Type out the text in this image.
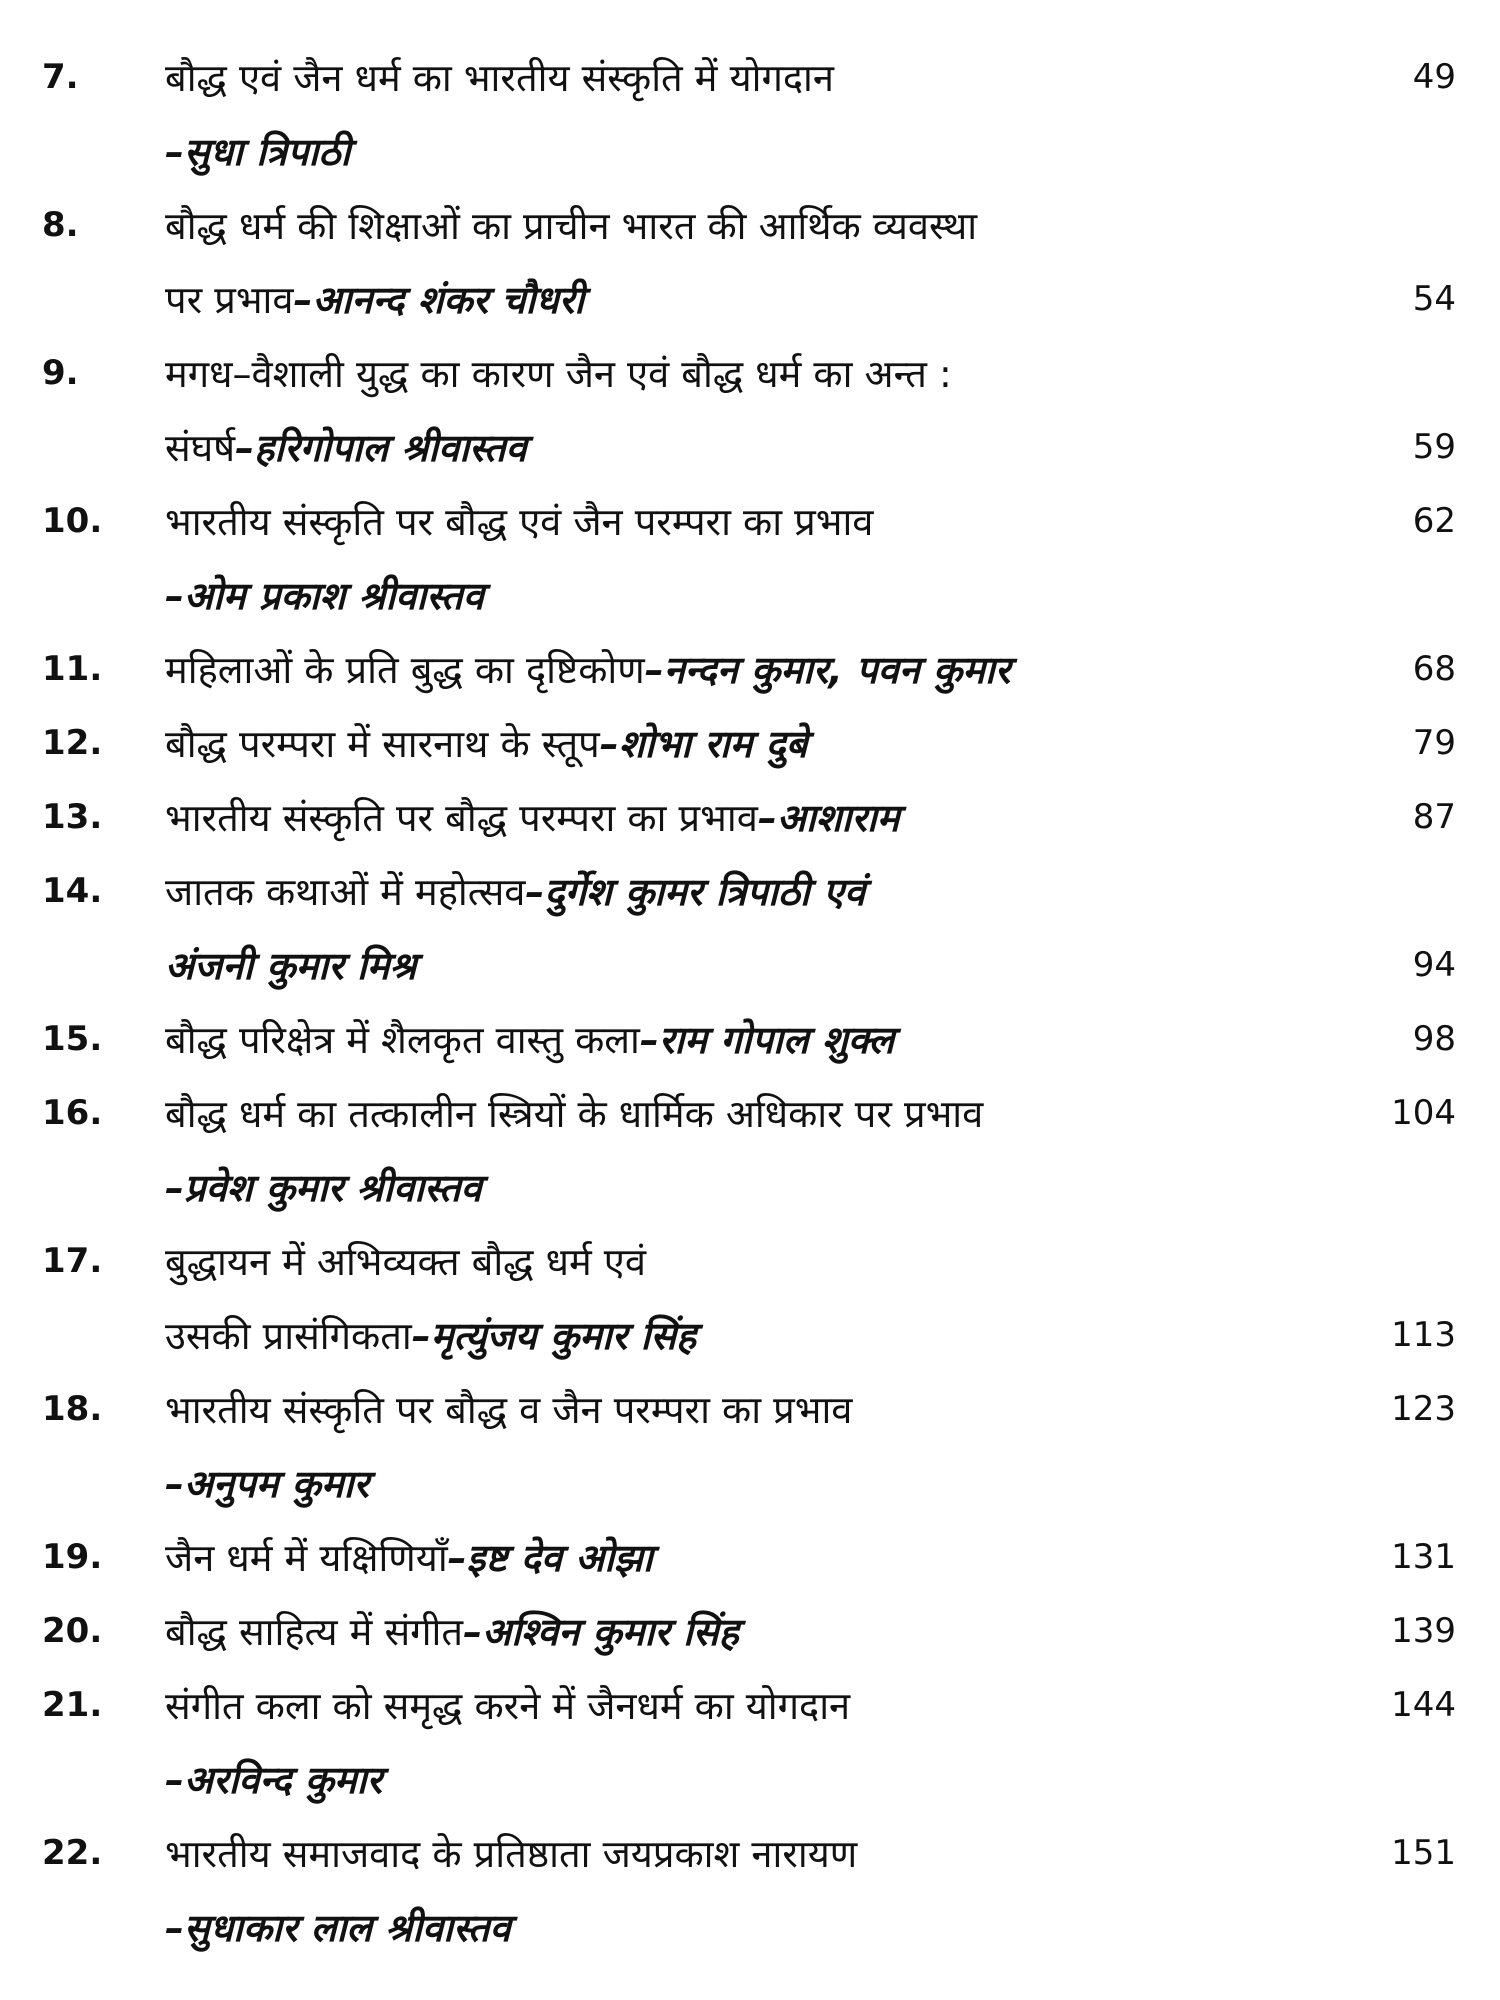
7.	बौद्ध एवं जैन धर्म का भारतीय संस्कृति में योगदान	49
–सुधा त्रिपाठी
8.	बौद्ध धर्म की शिक्षाओं का प्राचीन भारत की आर्थिक व्यवस्था
पर प्रभाव–आनन्द शंकर चौधरी	54
9.	मगध–वैशाली युद्ध का कारण जैन एवं बौद्ध धर्म का अन्त :
संघर्ष–हरिगोपाल श्रीवास्तव	59
10.	भारतीय संस्कृति पर बौद्ध एवं जैन परम्परा का प्रभाव	62
–ओम प्रकाश श्रीवास्तव
11.	महिलाओं के प्रति बुद्ध का दृष्टिकोण–नन्दन कुमार, पवन कुमार	68
12.	बौद्ध परम्परा में सारनाथ के स्तूप–शोभा राम दुबे	79
13.	भारतीय संस्कृति पर बौद्ध परम्परा का प्रभाव–आशाराम	87
14.	जातक कथाओं में महोत्सव–दुर्गेश कुामर त्रिपाठी एवं
अंजनी कुमार मिश्र	94
15.	बौद्ध परिक्षेत्र में शैलकृत वास्तु कला–राम गोपाल शुक्ल	98
16.	बौद्ध धर्म का तत्कालीन स्त्रियों के धार्मिक अधिकार पर प्रभाव	104
–प्रवेश कुमार श्रीवास्तव
17.	बुद्धायन में अभिव्यक्त बौद्ध धर्म एवं
उसकी प्रासंगिकता–मृत्युंजय कुमार सिंह	113
18.	भारतीय संस्कृति पर बौद्ध व जैन परम्परा का प्रभाव	123
–अनुपम कुमार
19.	जैन धर्म में यक्षिणियाँ–इष्ट देव ओझा	131
20.	बौद्ध साहित्य में संगीत–अश्विन कुमार सिंह	139
21.	संगीत कला को समृद्ध करने में जैनधर्म का योगदान	144
–अरविन्द कुमार
22.	भारतीय समाजवाद के प्रतिष्ठाता जयप्रकाश नारायण	151
–सुधाकार लाल श्रीवास्तव
